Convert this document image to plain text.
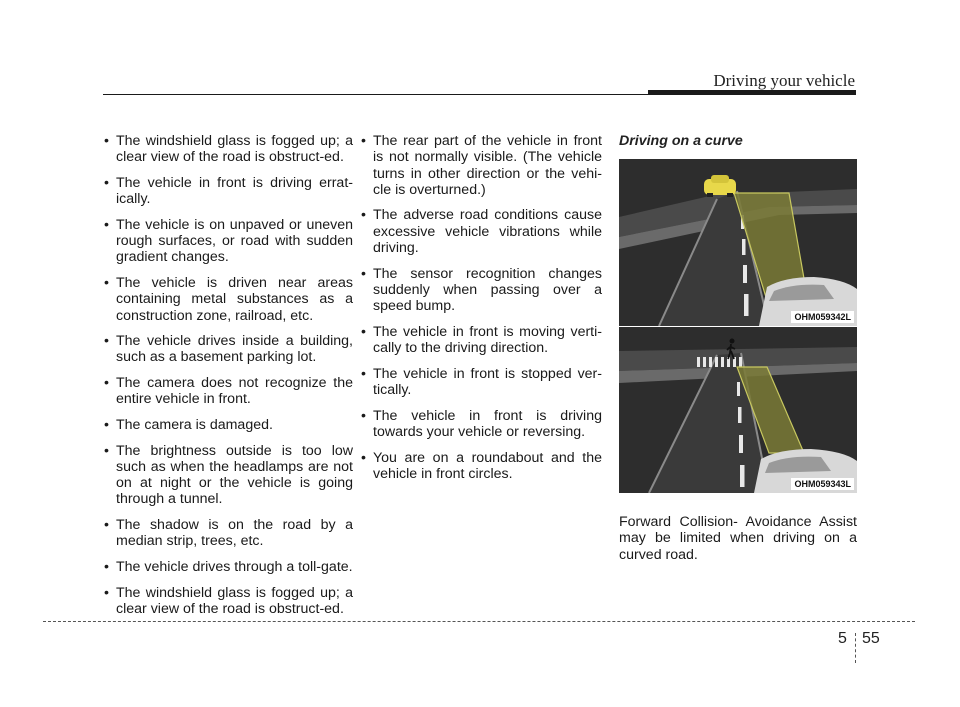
Driving your vehicle
• The windshield glass is fogged up; a clear view of the road is obstruct-ed.
• The vehicle in front is driving errat-ically.
• The vehicle is on unpaved or uneven rough surfaces, or road with sudden gradient changes.
• The vehicle is driven near areas containing metal substances as a construction zone, railroad, etc.
• The vehicle drives inside a building, such as a basement parking lot.
• The camera does not recognize the entire vehicle in front.
• The camera is damaged.
• The brightness outside is too low such as when the headlamps are not on at night or the vehicle is going through a tunnel.
• The shadow is on the road by a median strip, trees, etc.
• The vehicle drives through a toll-gate.
• The windshield glass is fogged up; a clear view of the road is obstruct-ed.
• The rear part of the vehicle in front is not normally visible. (The vehicle turns in other direction or the vehi-cle is overturned.)
• The adverse road conditions cause excessive vehicle vibrations while driving.
• The sensor recognition changes suddenly when passing over a speed bump.
• The vehicle in front is moving verti-cally to the driving direction.
• The vehicle in front is stopped ver-tically.
• The vehicle in front is driving towards your vehicle or reversing.
• You are on a roundabout and the vehicle in front circles.
Driving on a curve
OHM059342L
OHM059343L

Forward Collision- Avoidance Assist may be limited when driving on a curved road.

5 55
